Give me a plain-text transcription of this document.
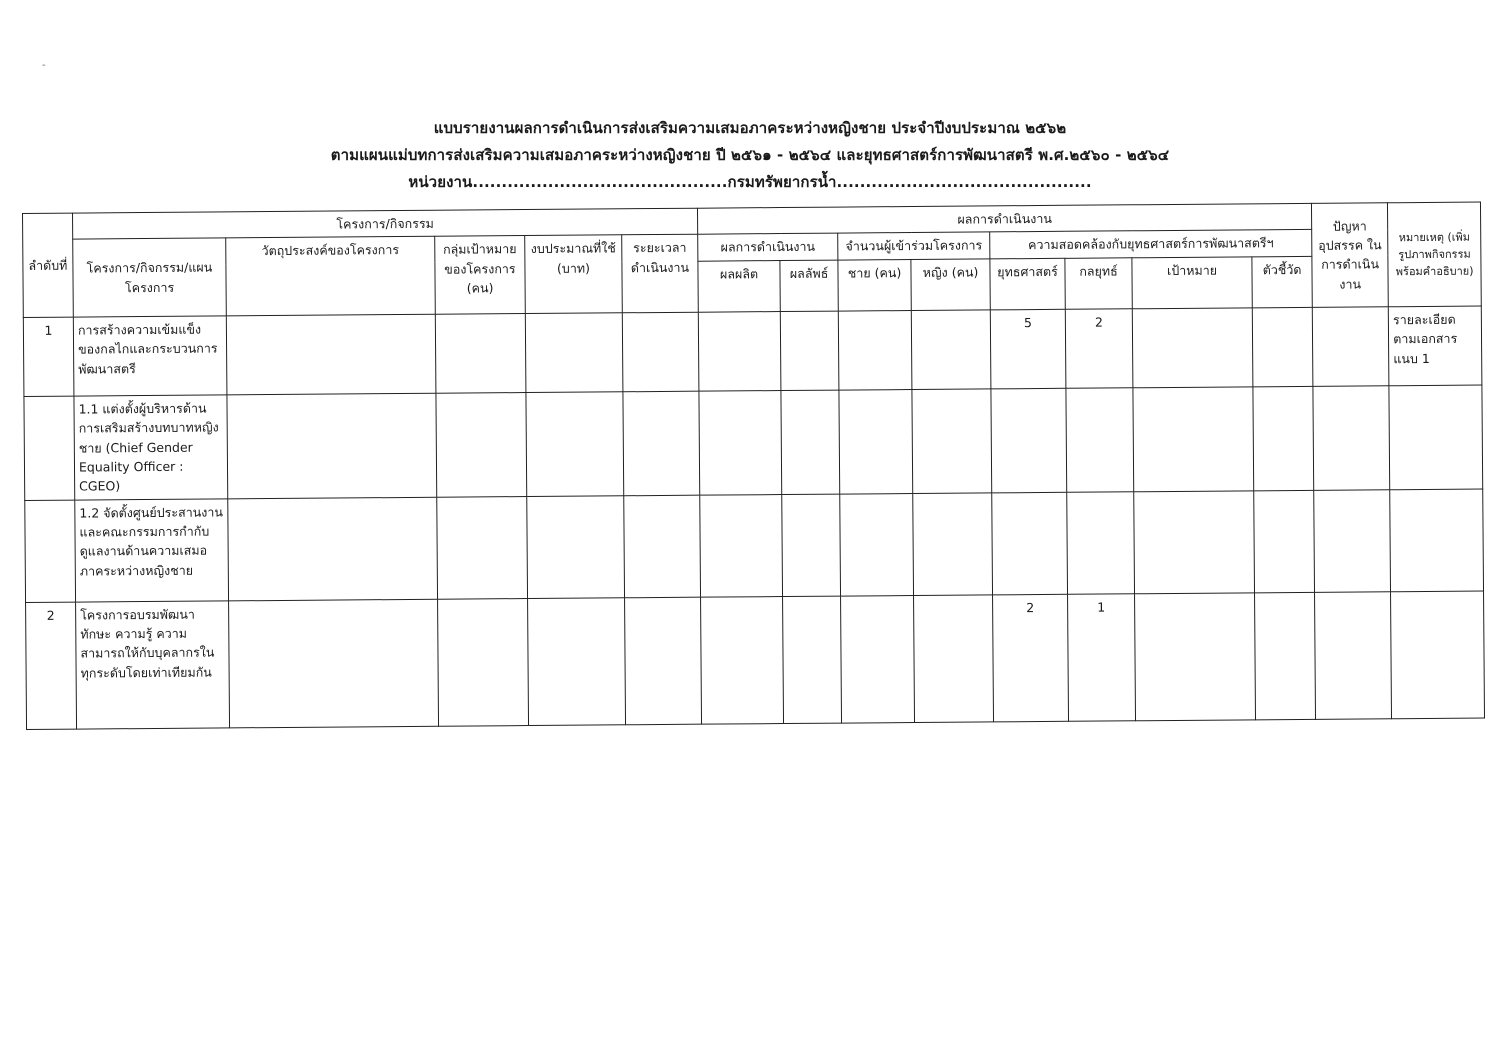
-
แบบรายงานผลการดำเนินการส่งเสริมความเสมอภาคระหว่างหญิงชาย ประจำปีงบประมาณ ๒๕๖๒
ตามแผนแม่บทการส่งเสริมความเสมอภาคระหว่างหญิงชาย ปี ๒๕๖๑ - ๒๕๖๔ และยุทธศาสตร์การพัฒนาสตรี พ.ศ.๒๕๖๐ - ๒๕๖๔
หน่วยงาน............................................กรมทรัพยากรน้ำ............................................
ลำดับที่	โครงการ/กิจกรรม					ผลการดำเนินงาน								ปัญหา อุปสรรค ในการดำเนินงาน	หมายเหตุ (เพิ่มรูปภาพกิจกรรม พร้อมคำอธิบาย)
	โครงการ/กิจกรรม/แผนโครงการ	วัตถุประสงค์ของโครงการ	กลุ่มเป้าหมายของโครงการ (คน)	งบประมาณที่ใช้ (บาท)	ระยะเวลาดำเนินงาน	ผลการดำเนินงาน		จำนวนผู้เข้าร่วมโครงการ		ความสอดคล้องกับยุทธศาสตร์การพัฒนาสตรีฯ					
						ผลผลิต	ผลลัพธ์	ชาย (คน)	หญิง (คน)	ยุทธศาสตร์	กลยุทธ์	เป้าหมาย	ตัวชี้วัด		
1	การสร้างความเข้มแข็งของกลไกและกระบวนการพัฒนาสตรี									5	2				รายละเอียดตามเอกสารแนบ 1
	1.1 แต่งตั้งผู้บริหารด้านการเสริมสร้างบทบาทหญิงชาย (Chief Gender Equality Officer : CGEO)														
	1.2 จัดตั้งศูนย์ประสานงานและคณะกรรมการกำกับดูแลงานด้านความเสมอภาคระหว่างหญิงชาย														
2	โครงการอบรมพัฒนาทักษะ ความรู้ ความสามารถให้กับบุคลากรในทุกระดับโดยเท่าเทียมกัน									2	1				
